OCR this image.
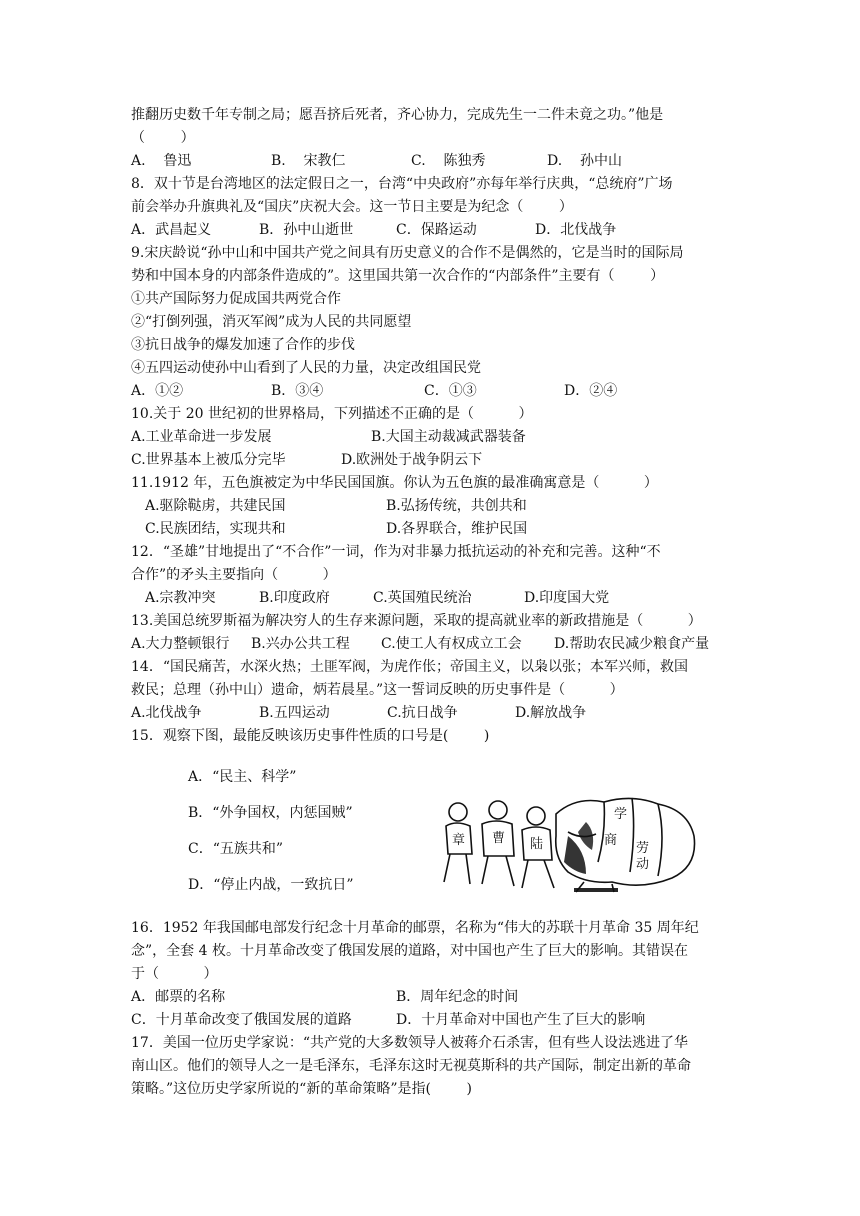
推翻历史数千年专制之局；愿吾挤后死者，齐心协力，完成先生一二件未竟之功。”他是
（        ）
A.    鲁迅	B.    宋教仁	C.    陈独秀	D.    孙中山
8．双十节是台湾地区的法定假日之一，台湾“中央政府”亦每年举行庆典，“总统府”广场
前会举办升旗典礼及“国庆”庆祝大会。这一节日主要是为纪念（        ）
A．武昌起义	B．孙中山逝世	C．保路运动	D．北伐战争
9.宋庆龄说“孙中山和中国共产党之间具有历史意义的合作不是偶然的，它是当时的国际局
势和中国本身的内部条件造成的”。这里国共第一次合作的“内部条件”主要有（        ）
①共产国际努力促成国共两党合作
②“打倒列强，消灭军阀”成为人民的共同愿望
③抗日战争的爆发加速了合作的步伐
④五四运动使孙中山看到了人民的力量，决定改组国民党
A．①②	B．③④	C．①③	D．②④
10.关于 20 世纪初的世界格局，下列描述不正确的是（          ）
A.工业革命进一步发展	B.大国主动裁减武器装备
C.世界基本上被瓜分完毕	D.欧洲处于战争阴云下
11.1912 年，五色旗被定为中华民国国旗。你认为五色旗的最准确寓意是（          ）
A.驱除鞑虏，共建民国	B.弘扬传统，共创共和
C.民族团结，实现共和	D.各界联合，维护民国
12．“圣雄”甘地提出了“不合作”一词，作为对非暴力抵抗运动的补充和完善。这种“不
合作”的矛头主要指向（          ）
A.宗教冲突	B.印度政府	C.英国殖民统治	D.印度国大党
13.美国总统罗斯福为解决穷人的生存来源问题，采取的提高就业率的新政措施是（          ）
A.大力整顿银行 B.兴办公共工程 C.使工人有权成立工会 D.帮助农民减少粮食产量
14．“国民痛苦，水深火热；土匪军阀，为虎作伥；帝国主义，以枭以张；本军兴师，救国
救民；总理（孙中山）遗命，炳若晨星。”这一誓词反映的历史事件是（          ）
A.北伐战争	B.五四运动	C.抗日战争	D.解放战争
15．观察下图，最能反映该历史事件性质的口号是(        )
A．“民主、科学”
B．“外争国权，内惩国贼”
C．“五族共和”
D．“停止内战，一致抗日”
学
劳
动
商
曹 陆
章
16．1952 年我国邮电部发行纪念十月革命的邮票，名称为“伟大的苏联十月革命 35 周年纪
念”，全套 4 枚。十月革命改变了俄国发展的道路，对中国也产生了巨大的影响。其错误在
于（          ）
A．邮票的名称	B．周年纪念的时间
C．十月革命改变了俄国发展的道路	D．十月革命对中国也产生了巨大的影响
17．美国一位历史学家说：“共产党的大多数领导人被蒋介石杀害，但有些人设法逃进了华
南山区。他们的领导人之一是毛泽东，毛泽东这时无视莫斯科的共产国际，制定出新的革命
策略。”这位历史学家所说的“新的革命策略”是指(        )
